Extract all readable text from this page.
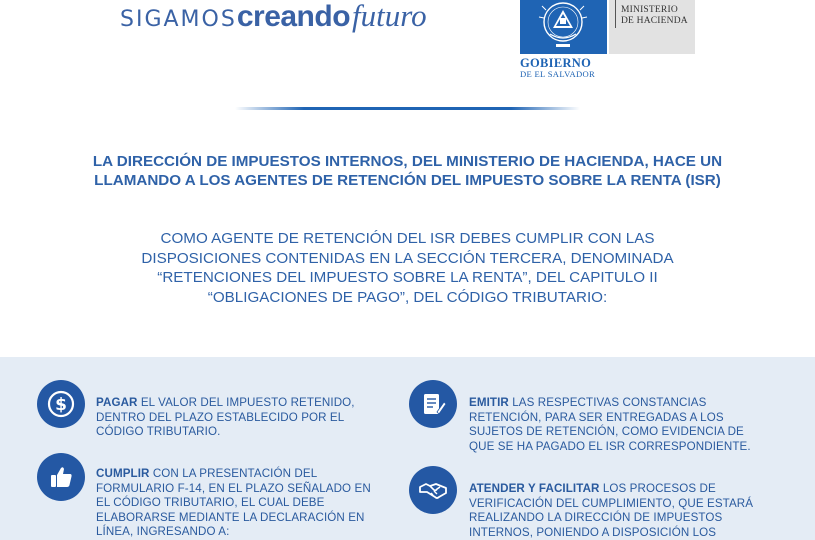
SIGAMOScreandofuturo	MINISTERIO
DE HACIENDA
GOBIERNO
DE EL SALVADOR
LA DIRECCIÓN DE IMPUESTOS INTERNOS, DEL MINISTERIO DE HACIENDA, HACE UN LLAMANDO A LOS AGENTES DE RETENCIÓN DEL IMPUESTO SOBRE LA RENTA (ISR)
COMO AGENTE DE RETENCIÓN DEL ISR DEBES CUMPLIR CON LAS DISPOSICIONES CONTENIDAS EN LA SECCIÓN TERCERA, DENOMINADA “RETENCIONES DEL IMPUESTO SOBRE LA RENTA”, DEL CAPITULO II “OBLIGACIONES DE PAGO”, DEL CÓDIGO TRIBUTARIO:
$	PAGAR EL VALOR DEL IMPUESTO RETENIDO, DENTRO DEL PLAZO ESTABLECIDO POR EL CÓDIGO TRIBUTARIO.
EMITIR LAS RESPECTIVAS CONSTANCIAS RETENCIÓN, PARA SER ENTREGADAS A LOS SUJETOS DE RETENCIÓN, COMO EVIDENCIA DE QUE SE HA PAGADO EL ISR CORRESPONDIENTE.
CUMPLIR CON LA PRESENTACIÓN DEL FORMULARIO F-14, EN EL PLAZO SEÑALADO EN EL CÓDIGO TRIBUTARIO, EL CUAL DEBE ELABORARSE MEDIANTE LA DECLARACIÓN EN LÍNEA, INGRESANDO A:
ATENDER Y FACILITAR LOS PROCESOS DE VERIFICACIÓN DEL CUMPLIMIENTO, QUE ESTARÁ REALIZANDO LA DIRECCIÓN DE IMPUESTOS INTERNOS, PONIENDO A DISPOSICIÓN LOS
